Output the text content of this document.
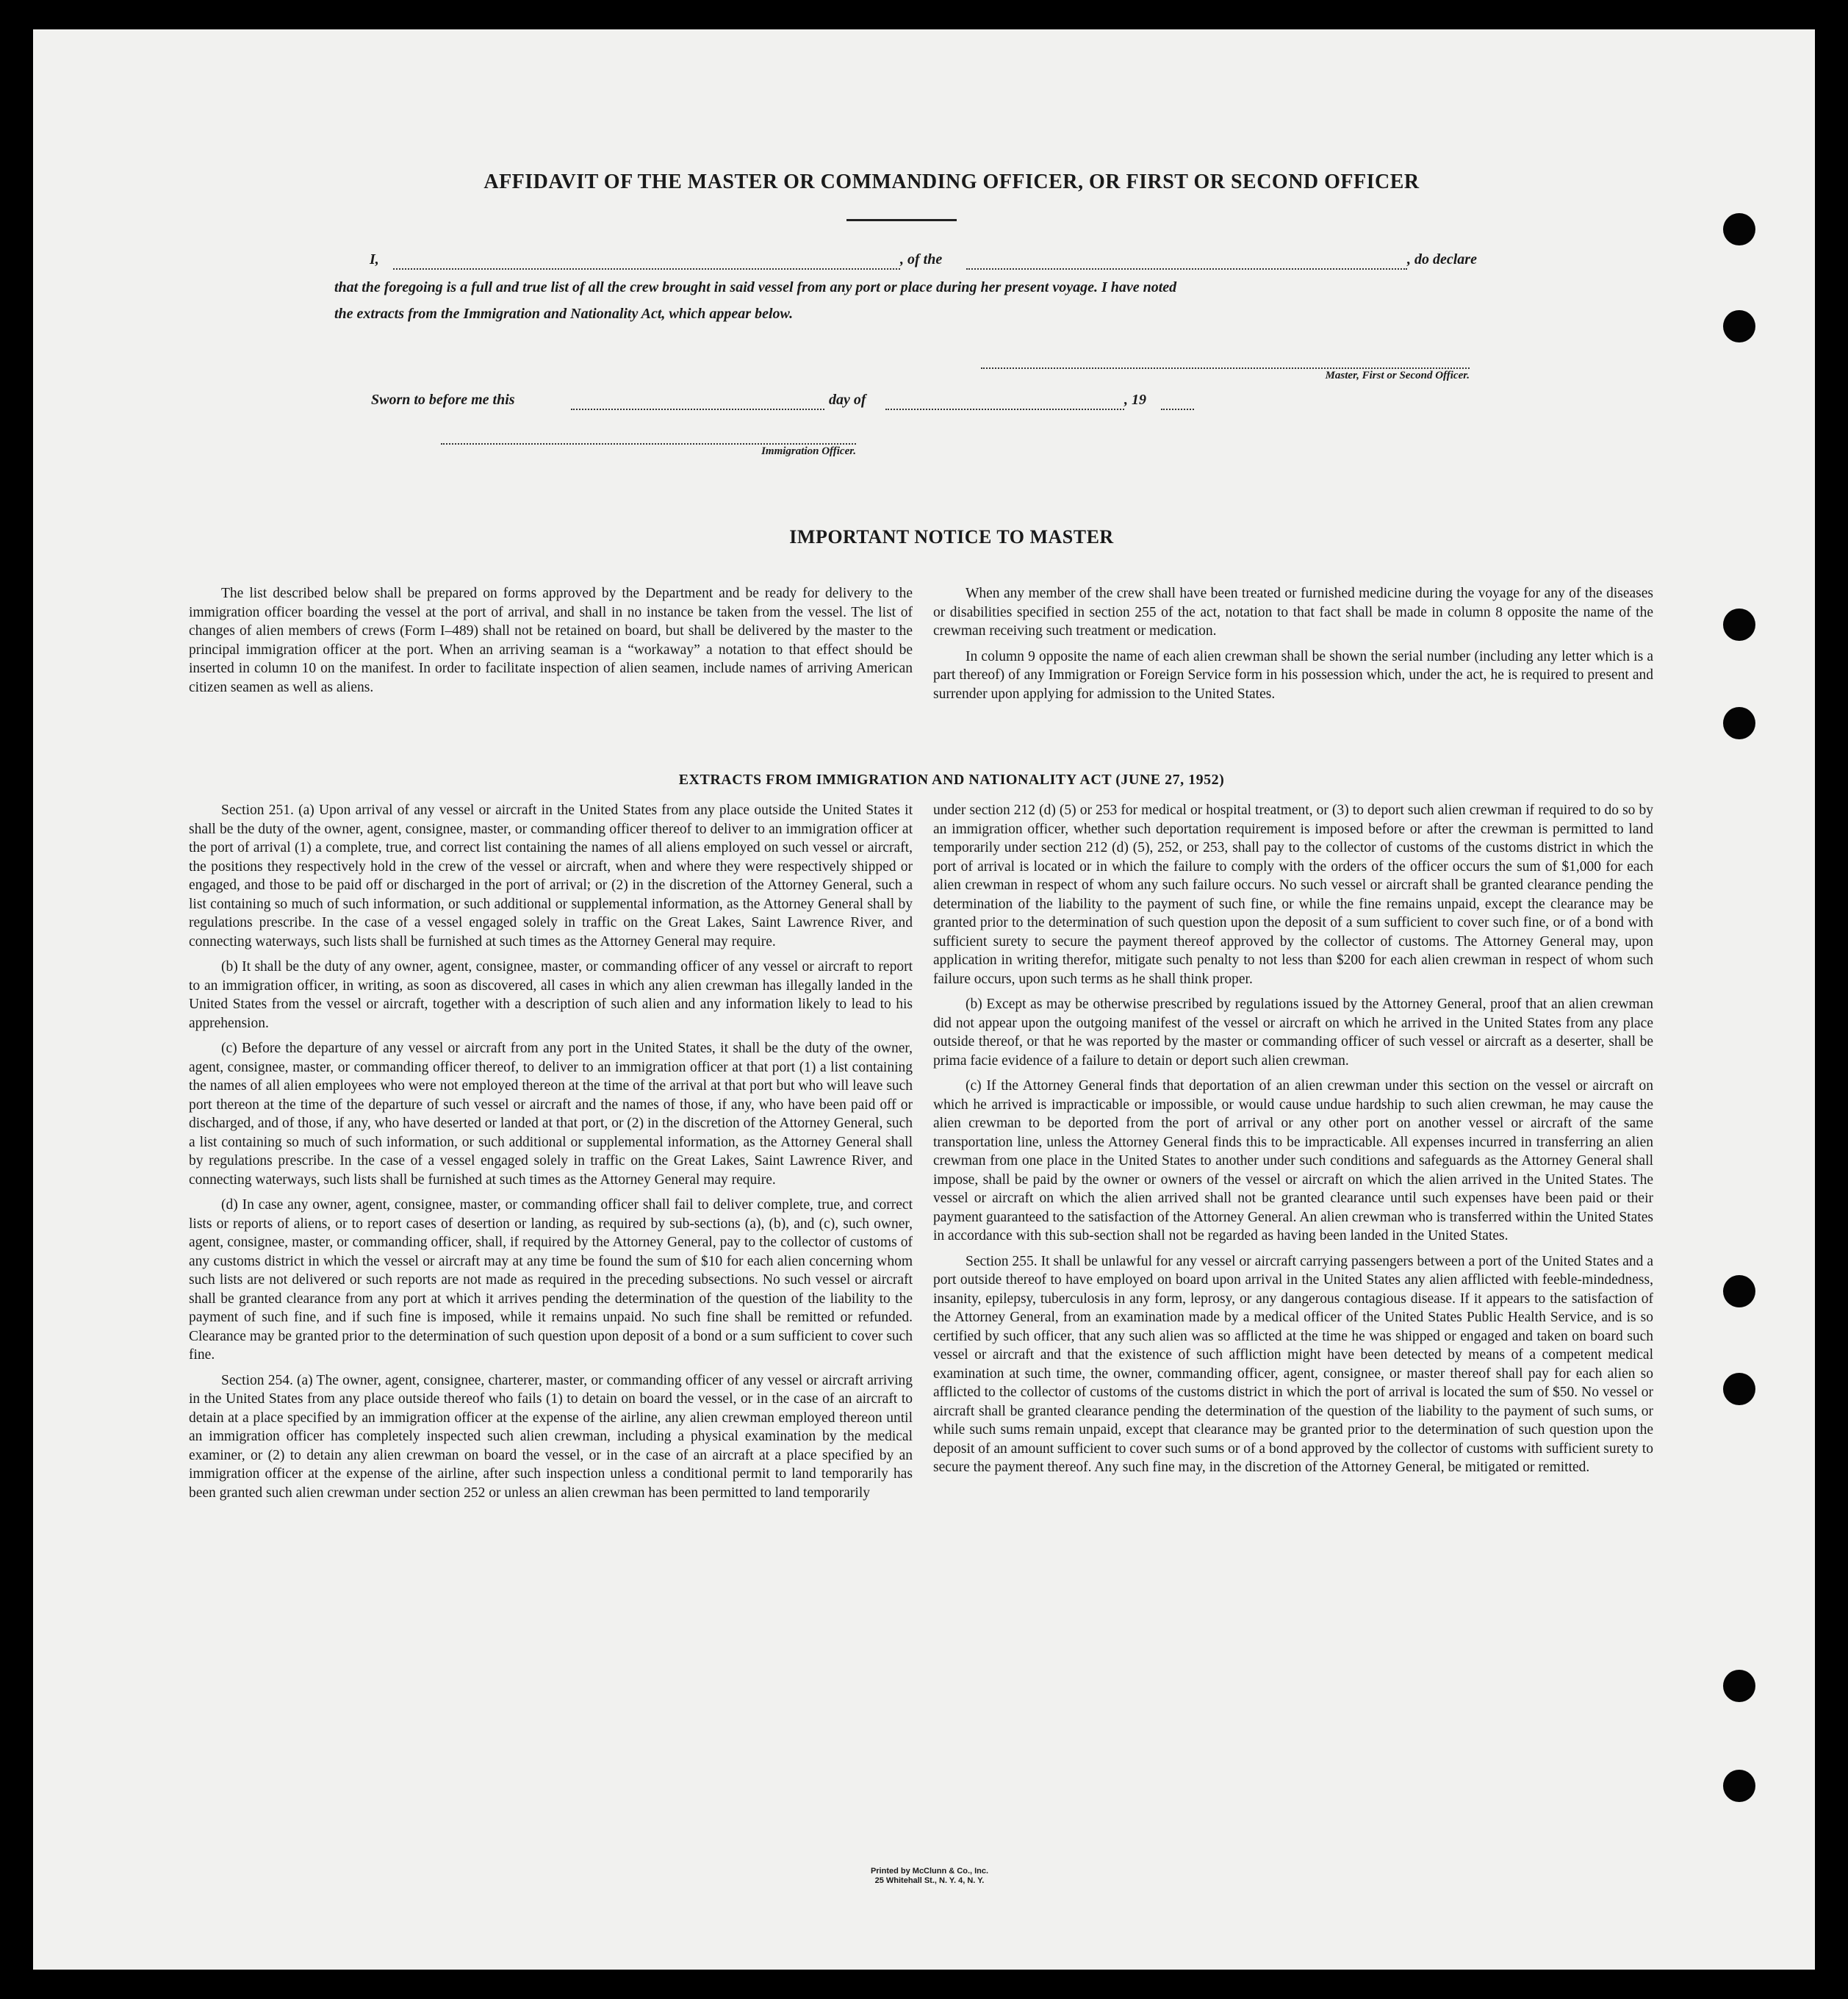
AFFIDAVIT OF THE MASTER OR COMMANDING OFFICER, OR FIRST OR SECOND OFFICER
I,	, of the	, do declare
that the foregoing is a full and true list of all the crew brought in said vessel from any port or place during her present voyage. I have noted
the extracts from the Immigration and Nationality Act, which appear below.
Master, First or Second Officer.
Sworn to before me this	day of	, 19
Immigration Officer.
IMPORTANT NOTICE TO MASTER

The list described below shall be prepared on forms approved by the Department and be ready for delivery to the immigration officer boarding the vessel at the port of arrival, and shall in no instance be taken from the vessel. The list of changes of alien members of crews (Form I–489) shall not be retained on board, but shall be delivered by the master to the principal immigration officer at the port. When an arriving seaman is a “workaway” a notation to that effect should be inserted in column 10 on the manifest. In order to facilitate inspection of alien seamen, include names of arriving American citizen seamen as well as aliens.

When any member of the crew shall have been treated or furnished medicine during the voyage for any of the diseases or disabilities specified in section 255 of the act, notation to that fact shall be made in column 8 opposite the name of the crewman receiving such treatment or medication.

In column 9 opposite the name of each alien crewman shall be shown the serial number (including any letter which is a part thereof) of any Immigration or Foreign Service form in his possession which, under the act, he is required to present and surrender upon applying for admission to the United States.

EXTRACTS FROM IMMIGRATION AND NATIONALITY ACT (JUNE 27, 1952)

Section 251. (a) Upon arrival of any vessel or aircraft in the United States from any place outside the United States it shall be the duty of the owner, agent, consignee, master, or commanding officer thereof to deliver to an immigration officer at the port of arrival (1) a complete, true, and correct list containing the names of all aliens employed on such vessel or aircraft, the positions they respectively hold in the crew of the vessel or aircraft, when and where they were respectively shipped or engaged, and those to be paid off or discharged in the port of arrival; or (2) in the discretion of the Attorney General, such a list containing so much of such information, or such additional or supplemental information, as the Attorney General shall by regulations prescribe. In the case of a vessel engaged solely in traffic on the Great Lakes, Saint Lawrence River, and connecting waterways, such lists shall be furnished at such times as the Attorney General may require.

(b) It shall be the duty of any owner, agent, consignee, master, or commanding officer of any vessel or aircraft to report to an immigration officer, in writing, as soon as discovered, all cases in which any alien crewman has illegally landed in the United States from the vessel or aircraft, together with a description of such alien and any information likely to lead to his apprehension.

(c) Before the departure of any vessel or aircraft from any port in the United States, it shall be the duty of the owner, agent, consignee, master, or commanding officer thereof, to deliver to an immigration officer at that port (1) a list containing the names of all alien employees who were not employed thereon at the time of the arrival at that port but who will leave such port thereon at the time of the departure of such vessel or aircraft and the names of those, if any, who have been paid off or discharged, and of those, if any, who have deserted or landed at that port, or (2) in the discretion of the Attorney General, such a list containing so much of such information, or such additional or supplemental information, as the Attorney General shall by regulations prescribe. In the case of a vessel engaged solely in traffic on the Great Lakes, Saint Lawrence River, and connecting waterways, such lists shall be furnished at such times as the Attorney General may require.

(d) In case any owner, agent, consignee, master, or commanding officer shall fail to deliver complete, true, and correct lists or reports of aliens, or to report cases of desertion or landing, as required by sub-sections (a), (b), and (c), such owner, agent, consignee, master, or commanding officer, shall, if required by the Attorney General, pay to the collector of customs of any customs district in which the vessel or aircraft may at any time be found the sum of $10 for each alien concerning whom such lists are not delivered or such reports are not made as required in the preceding subsections. No such vessel or aircraft shall be granted clearance from any port at which it arrives pending the determination of the question of the liability to the payment of such fine, and if such fine is imposed, while it remains unpaid. No such fine shall be remitted or refunded. Clearance may be granted prior to the determination of such question upon deposit of a bond or a sum sufficient to cover such fine.

Section 254. (a) The owner, agent, consignee, charterer, master, or commanding officer of any vessel or aircraft arriving in the United States from any place outside thereof who fails (1) to detain on board the vessel, or in the case of an aircraft to detain at a place specified by an immigration officer at the expense of the airline, any alien crewman employed thereon until an immigration officer has completely inspected such alien crewman, including a physical examination by the medical examiner, or (2) to detain any alien crewman on board the vessel, or in the case of an aircraft at a place specified by an immigration officer at the expense of the airline, after such inspection unless a conditional permit to land temporarily has been granted such alien crewman under section 252 or unless an alien crewman has been permitted to land temporarily

under section 212 (d) (5) or 253 for medical or hospital treatment, or (3) to deport such alien crewman if required to do so by an immigration officer, whether such deportation requirement is imposed before or after the crewman is permitted to land temporarily under section 212 (d) (5), 252, or 253, shall pay to the collector of customs of the customs district in which the port of arrival is located or in which the failure to comply with the orders of the officer occurs the sum of $1,000 for each alien crewman in respect of whom any such failure occurs. No such vessel or aircraft shall be granted clearance pending the determination of the liability to the payment of such fine, or while the fine remains unpaid, except the clearance may be granted prior to the determination of such question upon the deposit of a sum sufficient to cover such fine, or of a bond with sufficient surety to secure the payment thereof approved by the collector of customs. The Attorney General may, upon application in writing therefor, mitigate such penalty to not less than $200 for each alien crewman in respect of whom such failure occurs, upon such terms as he shall think proper.

(b) Except as may be otherwise prescribed by regulations issued by the Attorney General, proof that an alien crewman did not appear upon the outgoing manifest of the vessel or aircraft on which he arrived in the United States from any place outside thereof, or that he was reported by the master or commanding officer of such vessel or aircraft as a deserter, shall be prima facie evidence of a failure to detain or deport such alien crewman.

(c) If the Attorney General finds that deportation of an alien crewman under this section on the vessel or aircraft on which he arrived is impracticable or impossible, or would cause undue hardship to such alien crewman, he may cause the alien crewman to be deported from the port of arrival or any other port on another vessel or aircraft of the same transportation line, unless the Attorney General finds this to be impracticable. All expenses incurred in transferring an alien crewman from one place in the United States to another under such conditions and safeguards as the Attorney General shall impose, shall be paid by the owner or owners of the vessel or aircraft on which the alien arrived in the United States. The vessel or aircraft on which the alien arrived shall not be granted clearance until such expenses have been paid or their payment guaranteed to the satisfaction of the Attorney General. An alien crewman who is transferred within the United States in accordance with this sub-section shall not be regarded as having been landed in the United States.

Section 255. It shall be unlawful for any vessel or aircraft carrying passengers between a port of the United States and a port outside thereof to have employed on board upon arrival in the United States any alien afflicted with feeble-mindedness, insanity, epilepsy, tuberculosis in any form, leprosy, or any dangerous contagious disease. If it appears to the satisfaction of the Attorney General, from an examination made by a medical officer of the United States Public Health Service, and is so certified by such officer, that any such alien was so afflicted at the time he was shipped or engaged and taken on board such vessel or aircraft and that the existence of such affliction might have been detected by means of a competent medical examination at such time, the owner, commanding officer, agent, consignee, or master thereof shall pay for each alien so afflicted to the collector of customs of the customs district in which the port of arrival is located the sum of $50. No vessel or aircraft shall be granted clearance pending the determination of the question of the liability to the payment of such sums, or while such sums remain unpaid, except that clearance may be granted prior to the determination of such question upon the deposit of an amount sufficient to cover such sums or of a bond approved by the collector of customs with sufficient surety to secure the payment thereof. Any such fine may, in the discretion of the Attorney General, be mitigated or remitted.

Printed by McClunn & Co., Inc.
25 Whitehall St., N. Y. 4, N. Y.
